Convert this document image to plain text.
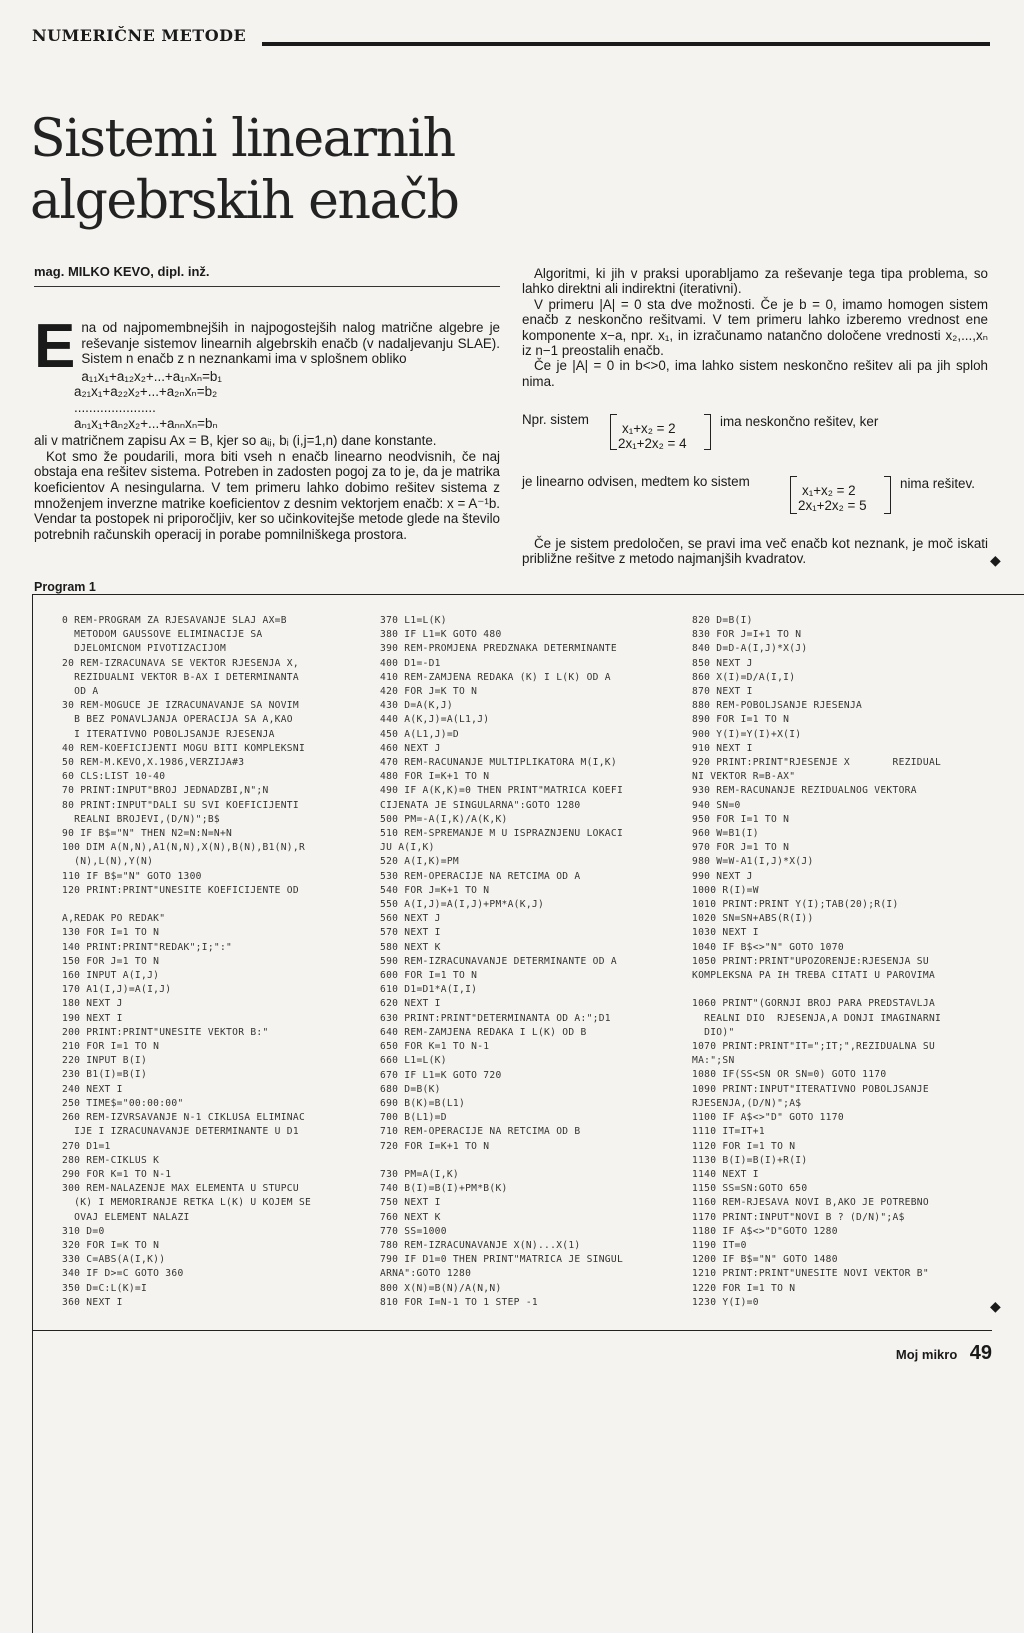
NUMERIČNE METODE
Sistemi linearnih
algebrskih enačb
mag. MILKO KEVO, dipl. inž.

Ena od najpomembnejših in najpogostejših nalog matrične algebre je reševanje sistemov linearnih algebrskih enačb (v nadaljevanju SLAE). Sistem n enačb z n neznankami ima v splošnem obliko

a₁₁x₁+a₁₂x₂+...+a₁ₙxₙ=b₁
a₂₁x₁+a₂₂x₂+...+a₂ₙxₙ=b₂
......................
aₙ₁x₁+aₙ₂x₂+...+aₙₙxₙ=bₙ

ali v matričnem zapisu Ax = B, kjer so aᵢⱼ, bᵢ (i,j=1,n) dane konstante.

Kot smo že poudarili, mora biti vseh n enačb linearno neodvisnih, če naj obstaja ena rešitev sistema. Potreben in zadosten pogoj za to je, da je matrika koeficientov A nesingularna. V tem primeru lahko dobimo rešitev sistema z množenjem inverzne matrike koeficientov z desnim vektorjem enačb: x = A⁻¹b. Vendar ta postopek ni priporočljiv, ker so učinkovitejše metode glede na število potrebnih računskih operacij in porabe pomnilniškega prostora.

Algoritmi, ki jih v praksi uporabljamo za reševanje tega tipa problema, so lahko direktni ali indirektni (iterativni).

V primeru |A| = 0 sta dve možnosti. Če je b = 0, imamo homogen sistem enačb z neskončno rešitvami. V tem primeru lahko izberemo vrednost ene komponente x−a, npr. x₁, in izračunamo natančno določene vrednosti x₂,...,xₙ iz n−1 preostalih enačb.

Če je |A| = 0 in b<>0, ima lahko sistem neskončno rešitev ali pa jih sploh nima.

Npr. sistem
x₁+x₂ = 2
2x₁+2x₂ = 4
ima neskončno rešitev, ker
je linearno odvisen, medtem ko sistem
x₁+x₂ = 2
2x₁+2x₂ = 5
nima rešitev.

Če je sistem predoločen, se pravi ima več enačb kot neznank, je moč iskati približne rešitve z metodo najmanjših kvadratov.	◆
Program 1
0 REM-PROGRAM ZA RJESAVANJE SLAJ AX=B
METODOM GAUSSOVE ELIMINACIJE SA
DJELOMICNOM PIVOTIZACIJOM
20 REM-IZRACUNAVA SE VEKTOR RJESENJA X,
REZIDUALNI VEKTOR B-AX I DETERMINANTA
OD A
30 REM-MOGUCE JE IZRACUNAVANJE SA NOVIM
B BEZ PONAVLJANJA OPERACIJA SA A,KAO
I ITERATIVNO POBOLJSANJE RJESENJA
40 REM-KOEFICIJENTI MOGU BITI KOMPLEKSNI
50 REM-M.KEVO,X.1986,VERZIJA#3
60 CLS:LIST 10-40
70 PRINT:INPUT"BROJ JEDNADZBI,N";N
80 PRINT:INPUT"DALI SU SVI KOEFICIJENTI
REALNI BROJEVI,(D/N)";B$
90 IF B$="N" THEN N2=N:N=N+N
100 DIM A(N,N),A1(N,N),X(N),B(N),B1(N),R
(N),L(N),Y(N)
110 IF B$="N" GOTO 1300
120 PRINT:PRINT"UNESITE KOEFICIJENTE OD
A,REDAK PO REDAK"
130 FOR I=1 TO N
140 PRINT:PRINT"REDAK";I;":"
150 FOR J=1 TO N
160 INPUT A(I,J)
170 A1(I,J)=A(I,J)
180 NEXT J
190 NEXT I
200 PRINT:PRINT"UNESITE VEKTOR B:"
210 FOR I=1 TO N
220 INPUT B(I)
230 B1(I)=B(I)
240 NEXT I
250 TIME$="00:00:00"
260 REM-IZVRSAVANJE N-1 CIKLUSA ELIMINAC
IJE I IZRACUNAVANJE DETERMINANTE U D1
270 D1=1
280 REM-CIKLUS K
290 FOR K=1 TO N-1
300 REM-NALAZENJE MAX ELEMENTA U STUPCU
(K) I MEMORIRANJE RETKA L(K) U KOJEM SE
OVAJ ELEMENT NALAZI
310 D=0
320 FOR I=K TO N
330 C=ABS(A(I,K))
340 IF D>=C GOTO 360
350 D=C:L(K)=I
360 NEXT I
370 L1=L(K)
380 IF L1=K GOTO 480
390 REM-PROMJENA PREDZNAKA DETERMINANTE
400 D1=-D1
410 REM-ZAMJENA REDAKA (K) I L(K) OD A
420 FOR J=K TO N
430 D=A(K,J)
440 A(K,J)=A(L1,J)
450 A(L1,J)=D
460 NEXT J
470 REM-RACUNANJE MULTIPLIKATORA M(I,K)
480 FOR I=K+1 TO N
490 IF A(K,K)=0 THEN PRINT"MATRICA KOEFI
CIJENATA JE SINGULARNA":GOTO 1280
500 PM=-A(I,K)/A(K,K)
510 REM-SPREMANJE M U ISPRAZNJENU LOKACI
JU A(I,K)
520 A(I,K)=PM
530 REM-OPERACIJE NA RETCIMA OD A
540 FOR J=K+1 TO N
550 A(I,J)=A(I,J)+PM*A(K,J)
560 NEXT J
570 NEXT I
580 NEXT K
590 REM-IZRACUNAVANJE DETERMINANTE OD A
600 FOR I=1 TO N
610 D1=D1*A(I,I)
620 NEXT I
630 PRINT:PRINT"DETERMINANTA OD A:";D1
640 REM-ZAMJENA REDAKA I L(K) OD B
650 FOR K=1 TO N-1
660 L1=L(K)
670 IF L1=K GOTO 720
680 D=B(K)
690 B(K)=B(L1)
700 B(L1)=D
710 REM-OPERACIJE NA RETCIMA OD B
720 FOR I=K+1 TO N
730 PM=A(I,K)
740 B(I)=B(I)+PM*B(K)
750 NEXT I
760 NEXT K
770 SS=1000
780 REM-IZRACUNAVANJE X(N)...X(1)
790 IF D1=0 THEN PRINT"MATRICA JE SINGUL
ARNA":GOTO 1280
800 X(N)=B(N)/A(N,N)
810 FOR I=N-1 TO 1 STEP -1
820 D=B(I)
830 FOR J=I+1 TO N
840 D=D-A(I,J)*X(J)
850 NEXT J
860 X(I)=D/A(I,I)
870 NEXT I
880 REM-POBOLJSANJE RJESENJA
890 FOR I=1 TO N
900 Y(I)=Y(I)+X(I)
910 NEXT I
920 PRINT:PRINT"RJESENJE X       REZIDUAL
NI VEKTOR R=B-AX"
930 REM-RACUNANJE REZIDUALNOG VEKTORA
940 SN=0
950 FOR I=1 TO N
960 W=B1(I)
970 FOR J=1 TO N
980 W=W-A1(I,J)*X(J)
990 NEXT J
1000 R(I)=W
1010 PRINT:PRINT Y(I);TAB(20);R(I)
1020 SN=SN+ABS(R(I))
1030 NEXT I
1040 IF B$<>"N" GOTO 1070
1050 PRINT:PRINT"UPOZORENJE:RJESENJA SU
KOMPLEKSNA PA IH TREBA CITATI U PAROVIMA
1060 PRINT"(GORNJI BROJ PARA PREDSTAVLJA
REALNI DIO  RJESENJA,A DONJI IMAGINARNI
DIO)"
1070 PRINT:PRINT"IT=";IT;",REZIDUALNA SU
MA:";SN
1080 IF(SS<SN OR SN=0) GOTO 1170
1090 PRINT:INPUT"ITERATIVNO POBOLJSANJE
RJESENJA,(D/N)";A$
1100 IF A$<>"D" GOTO 1170
1110 IT=IT+1
1120 FOR I=1 TO N
1130 B(I)=B(I)+R(I)
1140 NEXT I
1150 SS=SN:GOTO 650
1160 REM-RJESAVA NOVI B,AKO JE POTREBNO
1170 PRINT:INPUT"NOVI B ? (D/N)";A$
1180 IF A$<>"D"GOTO 1280
1190 IT=0
1200 IF B$="N" GOTO 1480
1210 PRINT:PRINT"UNESITE NOVI VEKTOR B"
1220 FOR I=1 TO N
1230 Y(I)=0	◆
Moj mikro 49
